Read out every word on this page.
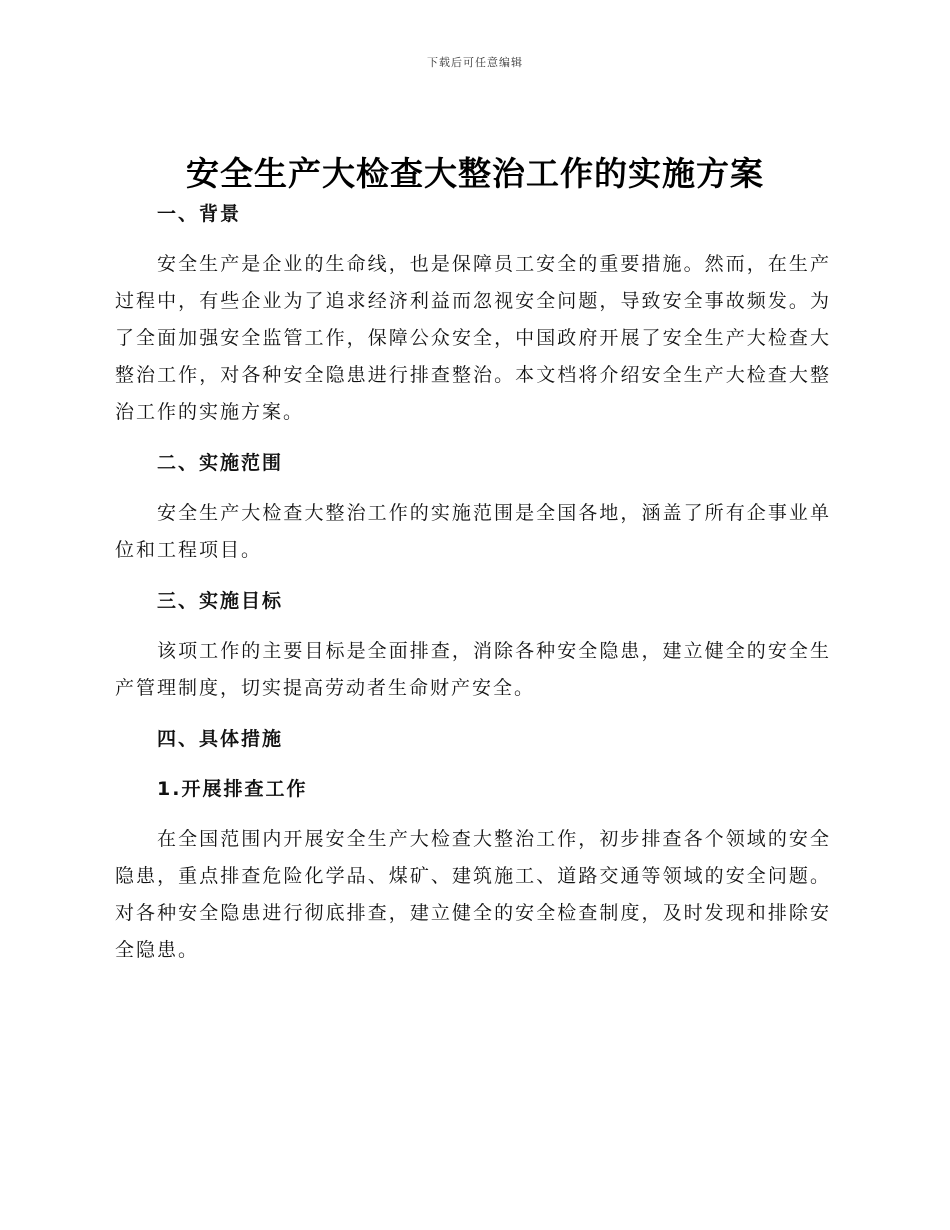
下载后可任意编辑
安全生产大检查大整治工作的实施方案
一、背景

安全生产是企业的生命线，也是保障员工安全的重要措施。然而，在生产过程中，有些企业为了追求经济利益而忽视安全问题，导致安全事故频发。为了全面加强安全监管工作，保障公众安全，中国政府开展了安全生产大检查大整治工作，对各种安全隐患进行排查整治。本文档将介绍安全生产大检查大整治工作的实施方案。

二、实施范围

安全生产大检查大整治工作的实施范围是全国各地，涵盖了所有企事业单位和工程项目。

三、实施目标

该项工作的主要目标是全面排查，消除各种安全隐患，建立健全的安全生产管理制度，切实提高劳动者生命财产安全。

四、具体措施
1.开展排查工作

在全国范围内开展安全生产大检查大整治工作，初步排查各个领域的安全隐患，重点排查危险化学品、煤矿、建筑施工、道路交通等领域的安全问题。对各种安全隐患进行彻底排查，建立健全的安全检查制度，及时发现和排除安全隐患。
